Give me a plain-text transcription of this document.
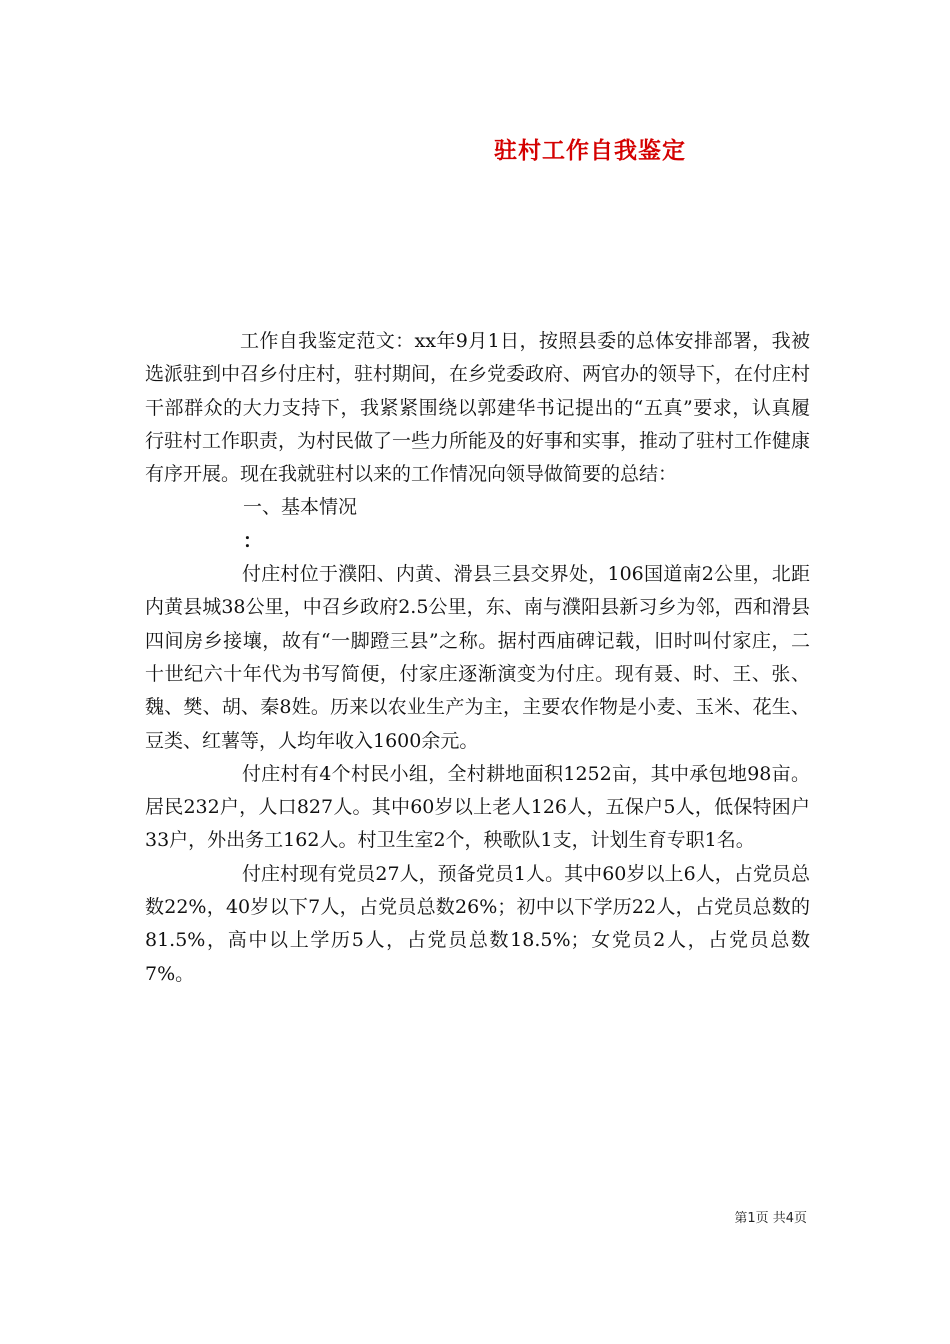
驻村工作自我鉴定

工作自我鉴定范文：xx年9月1日，按照县委的总体安排部署，我被选派驻到中召乡付庄村，驻村期间，在乡党委政府、两官办的领导下，在付庄村干部群众的大力支持下，我紧紧围绕以郭建华书记提出的“五真”要求，认真履行驻村工作职责，为村民做了一些力所能及的好事和实事，推动了驻村工作健康有序开展。现在我就驻村以来的工作情况向领导做简要的总结：

一、基本情况

：

付庄村位于濮阳、内黄、滑县三县交界处，106国道南2公里，北距内黄县城38公里，中召乡政府2.5公里，东、南与濮阳县新习乡为邻，西和滑县四间房乡接壤，故有“一脚蹬三县”之称。据村西庙碑记载，旧时叫付家庄，二十世纪六十年代为书写简便，付家庄逐渐演变为付庄。现有聂、时、王、张、魏、樊、胡、秦8姓。历来以农业生产为主，主要农作物是小麦、玉米、花生、豆类、红薯等，人均年收入1600余元。

付庄村有4个村民小组，全村耕地面积1252亩，其中承包地98亩。居民232户，人口827人。其中60岁以上老人126人，五保户5人，低保特困户33户，外出务工162人。村卫生室2个，秧歌队1支，计划生育专职1名。

付庄村现有党员27人，预备党员1人。其中60岁以上6人，占党员总数22%，40岁以下7人，占党员总数26%；初中以下学历22人，占党员总数的81.5%，高中以上学历5人，占党员总数18.5%；女党员2人，占党员总数7%。

第1页 共4页
